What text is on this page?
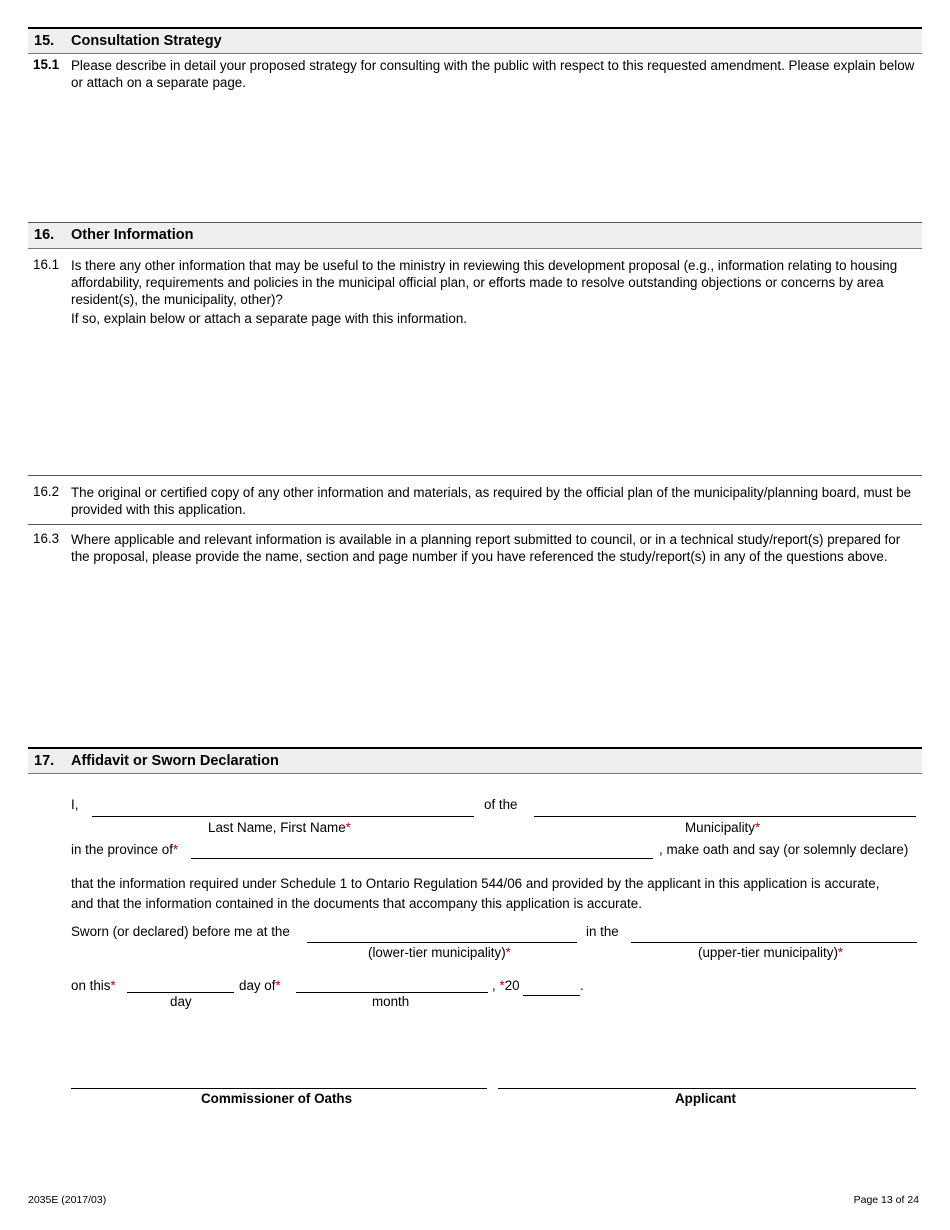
15. Consultation Strategy
15.1 Please describe in detail your proposed strategy for consulting with the public with respect to this requested amendment. Please explain below or attach on a separate page.
16. Other Information
16.1 Is there any other information that may be useful to the ministry in reviewing this development proposal (e.g., information relating to housing affordability, requirements and policies in the municipal official plan, or efforts made to resolve outstanding objections or concerns by area resident(s), the municipality, other)?
If so, explain below or attach a separate page with this information.
16.2 The original or certified copy of any other information and materials, as required by the official plan of the municipality/planning board, must be provided with this application.
16.3 Where applicable and relevant information is available in a planning report submitted to council, or in a technical study/report(s) prepared for the proposal, please provide the name, section and page number if you have referenced the study/report(s) in any of the questions above.
17. Affidavit or Sworn Declaration
I,	of the
Last Name, First Name*	Municipality*
in the province of*	, make oath and say (or solemnly declare)
that the information required under Schedule 1 to Ontario Regulation 544/06 and provided by the applicant in this application is accurate,
and that the information contained in the documents that accompany this application is accurate.
Sworn (or declared) before me at the	in the
(lower-tier municipality)*	(upper-tier municipality)*
on this*	day of*	, *20	.
day	month
Commissioner of Oaths	Applicant
2035E (2017/03)	Page 13 of 24
